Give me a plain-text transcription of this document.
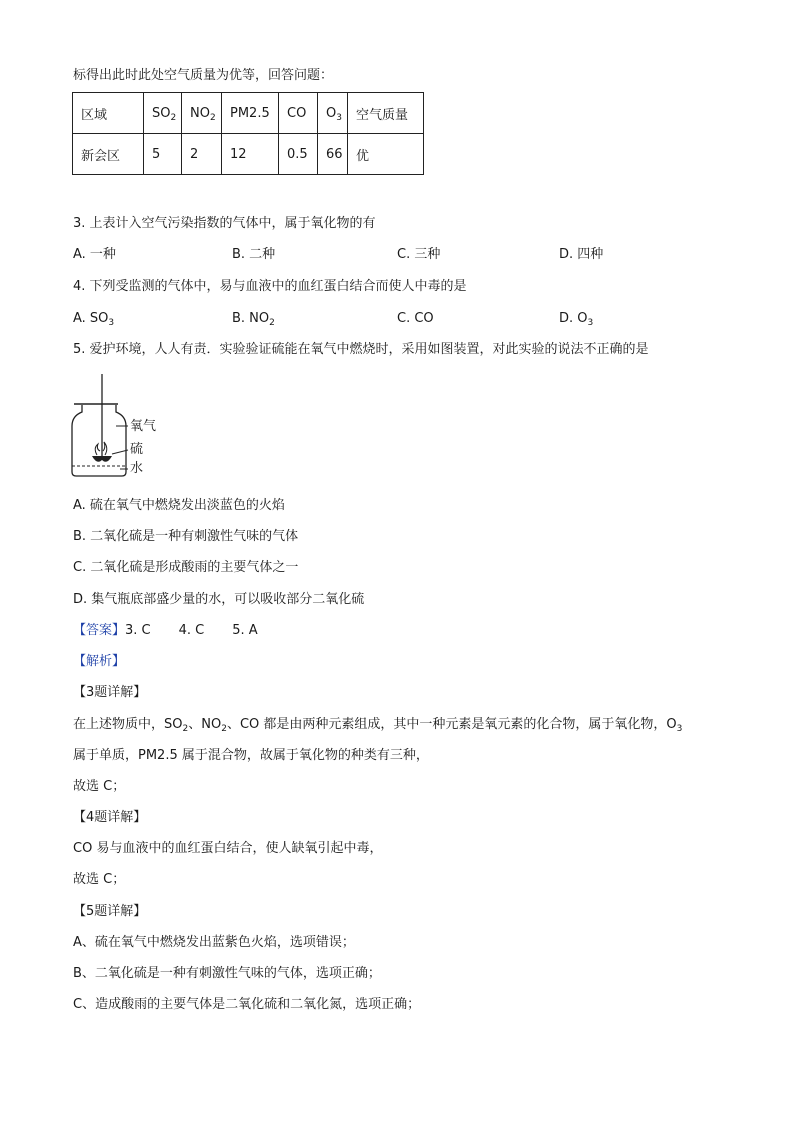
标得出此时此处空气质量为优等，回答问题：
区域	$SO_2$	$NO_2$	PM2.5	CO	$O_3$	空气质量
新会区	5	2	12	0.5	66	优
3. 上表计入空气污染指数的气体中，属于氧化物的有
A. 一种	B. 二种	C. 三种	D. 四种
4. 下列受监测的气体中，易与血液中的血红蛋白结合而使人中毒的是
A. $SO_3$	B. $NO_2$	C. CO	D. $O_3$
5. 爱护环境，人人有责．实验验证硫能在氧气中燃烧时，采用如图装置，对此实验的说法不正确的是
氧气
硫
水
A. 硫在氧气中燃烧发出淡蓝色的火焰
B. 二氧化硫是一种有刺激性气味的气体
C. 二氧化硫是形成酸雨的主要气体之一
D. 集气瓶底部盛少量的水，可以吸收部分二氧化硫
【答案】3. C 4. C 5. A
【解析】
【3题详解】
在上述物质中，$SO_2$、$NO_2$、CO 都是由两种元素组成，其中一种元素是氧元素的化合物，属于氧化物，$O_3$
属于单质，PM2.5 属于混合物，故属于氧化物的种类有三种，
故选 C；
【4题详解】
CO 易与血液中的血红蛋白结合，使人缺氧引起中毒，
故选 C；
【5题详解】
A、硫在氧气中燃烧发出蓝紫色火焰，选项错误；
B、二氧化硫是一种有刺激性气味的气体，选项正确；
C、造成酸雨的主要气体是二氧化硫和二氧化氮，选项正确；
